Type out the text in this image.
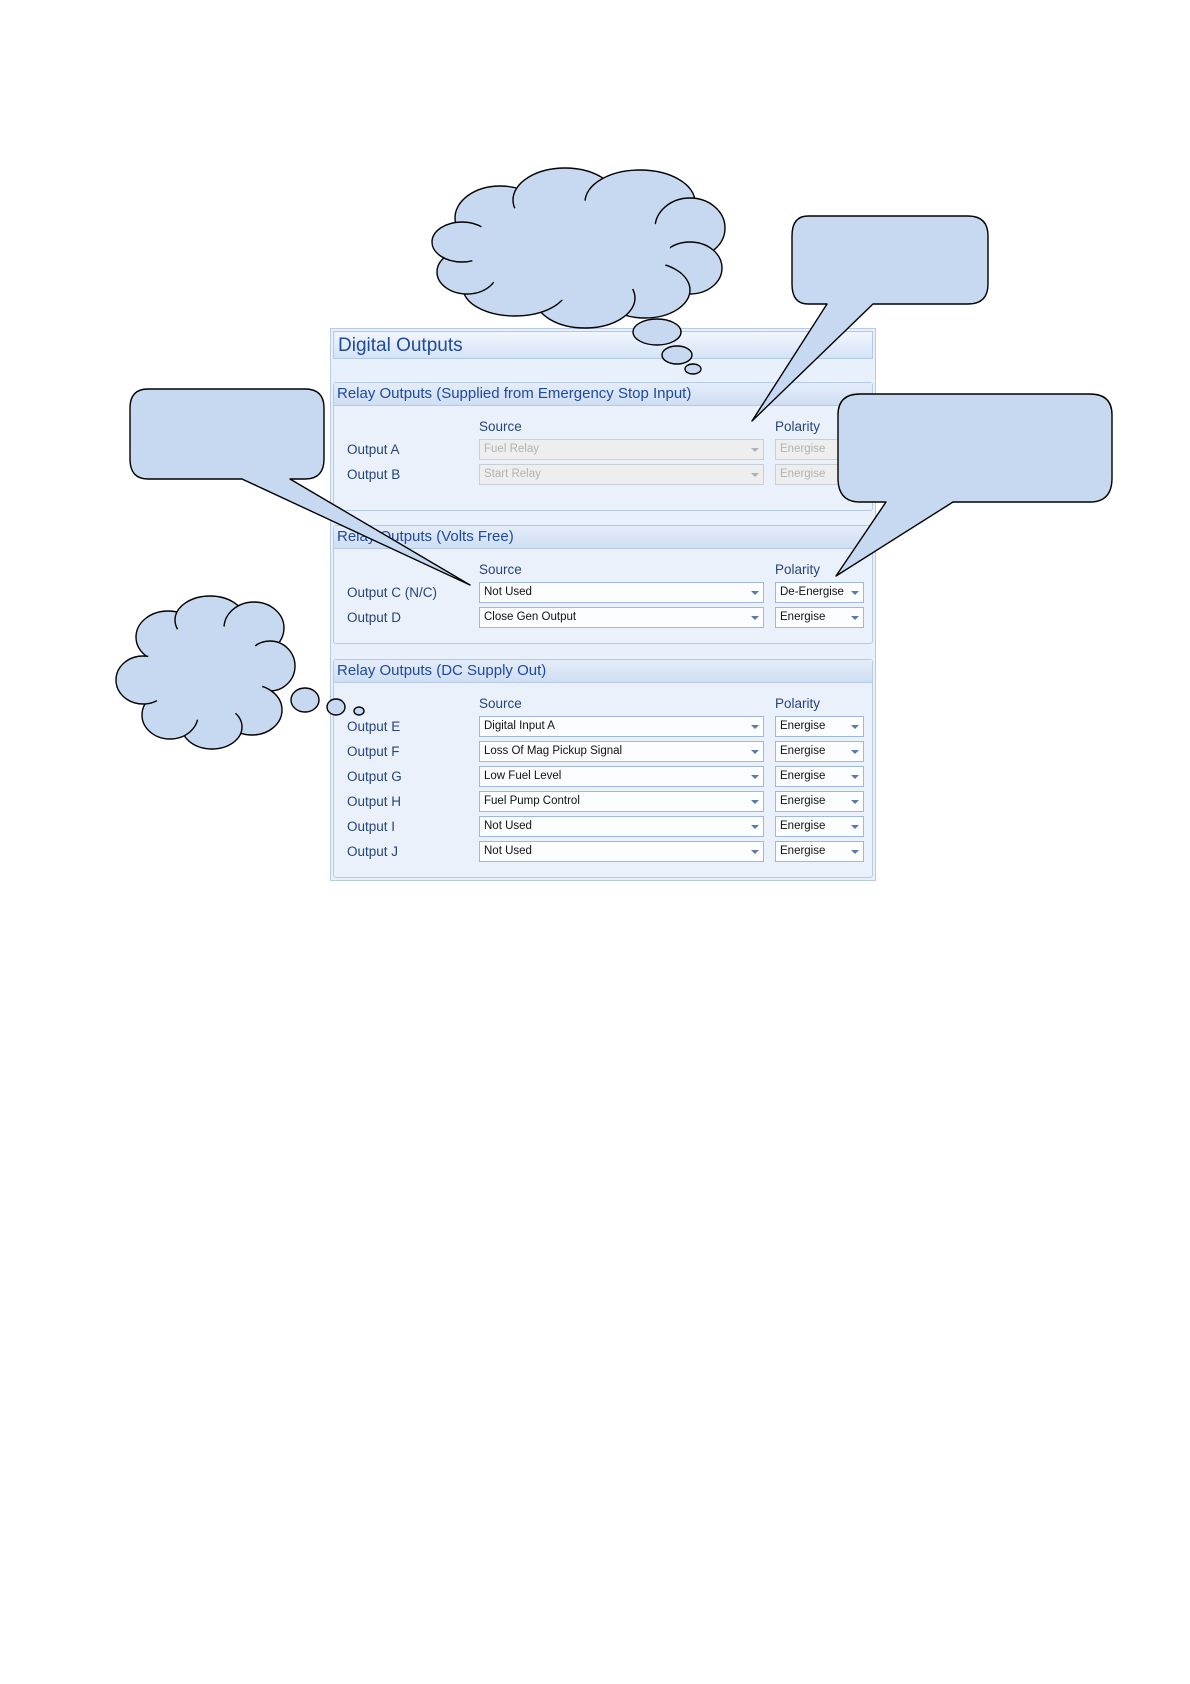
Digital Outputs
Relay Outputs (Supplied from Emergency Stop Input)
Source	Polarity
Output A	Fuel Relay	Energise
Output B	Start Relay	Energise
Relay Outputs (Volts Free)
Source	Polarity
Output C (N/C)	Not Used	De-Energise
Output D	Close Gen Output	Energise
Relay Outputs (DC Supply Out)
Source	Polarity
Output E	Digital Input A	Energise
Output F	Loss Of Mag Pickup Signal	Energise
Output G	Low Fuel Level	Energise
Output H	Fuel Pump Control	Energise
Output I	Not Used	Energise
Output J	Not Used	Energise
